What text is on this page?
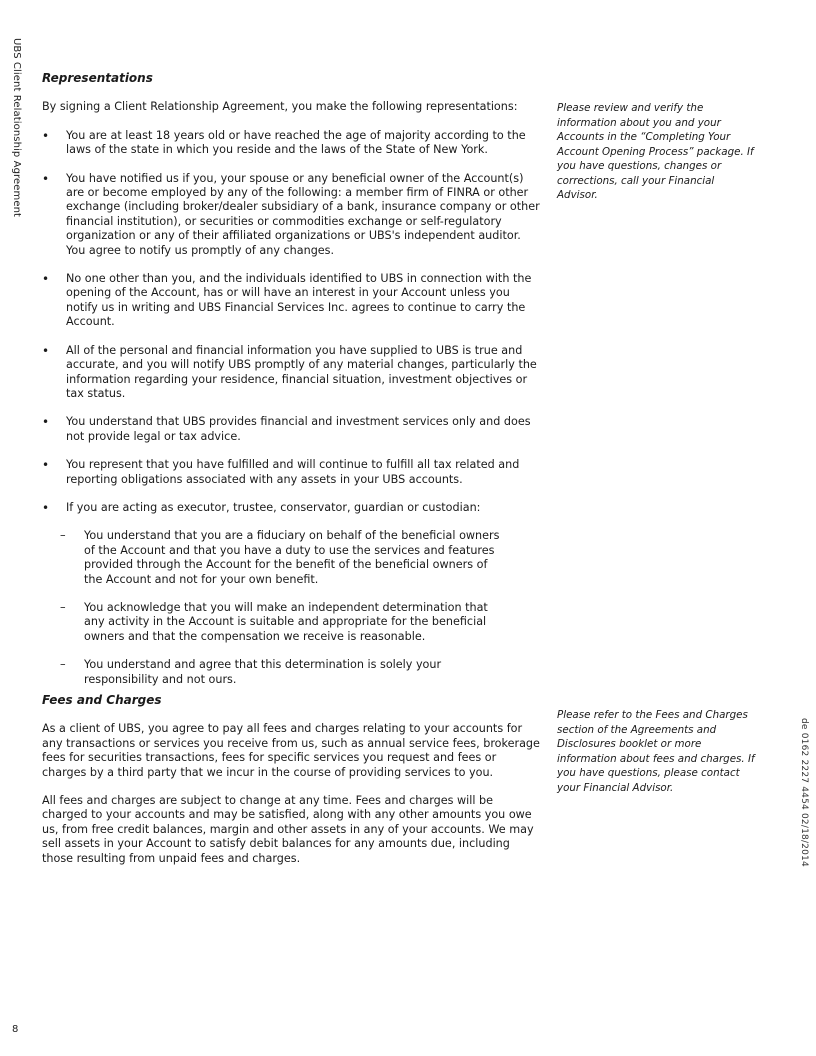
UBS Client Relationship Agreement
de 0162 2227 4454 02/18/2014
8
Representations

By signing a Client Relationship Agreement, you make the following representations:

• You are at least 18 years old or have reached the age of majority according to the laws of the state in which you reside and the laws of the State of New York.
• You have notified us if you, your spouse or any beneficial owner of the Account(s) are or become employed by any of the following: a member firm of FINRA or other exchange (including broker/dealer subsidiary of a bank, insurance company or other financial institution), or securities or commodities exchange or self-regulatory organization or any of their affiliated organizations or UBS's independent auditor. You agree to notify us promptly of any changes.
• No one other than you, and the individuals identified to UBS in connection with the opening of the Account, has or will have an interest in your Account unless you notify us in writing and UBS Financial Services Inc. agrees to continue to carry the Account.
• All of the personal and financial information you have supplied to UBS is true and accurate, and you will notify UBS promptly of any material changes, particularly the information regarding your residence, financial situation, investment objectives or tax status.
• You understand that UBS provides financial and investment services only and does not provide legal or tax advice.
• You represent that you have fulfilled and will continue to fulfill all tax related and reporting obligations associated with any assets in your UBS accounts.
• If you are acting as executor, trustee, conservator, guardian or custodian:
– You understand that you are a fiduciary on behalf of the beneficial owners of the Account and that you have a duty to use the services and features provided through the Account for the benefit of the beneficial owners of the Account and not for your own benefit.
– You acknowledge that you will make an independent determination that any activity in the Account is suitable and appropriate for the beneficial owners and that the compensation we receive is reasonable.
– You understand and agree that this determination is solely your responsibility and not ours.
Fees and Charges

As a client of UBS, you agree to pay all fees and charges relating to your accounts for any transactions or services you receive from us, such as annual service fees, brokerage fees for securities transactions, fees for specific services you request and fees or charges by a third party that we incur in the course of providing services to you.

All fees and charges are subject to change at any time. Fees and charges will be charged to your accounts and may be satisfied, along with any other amounts you owe us, from free credit balances, margin and other assets in any of your accounts. We may sell assets in your Account to satisfy debit balances for any amounts due, including those resulting from unpaid fees and charges.

Please review and verify the information about you and your Accounts in the “Completing Your Account Opening Process” package. If you have questions, changes or corrections, call your Financial Advisor.
Please refer to the Fees and Charges section of the Agreements and Disclosures booklet or more information about fees and charges. If you have questions, please contact your Financial Advisor.
